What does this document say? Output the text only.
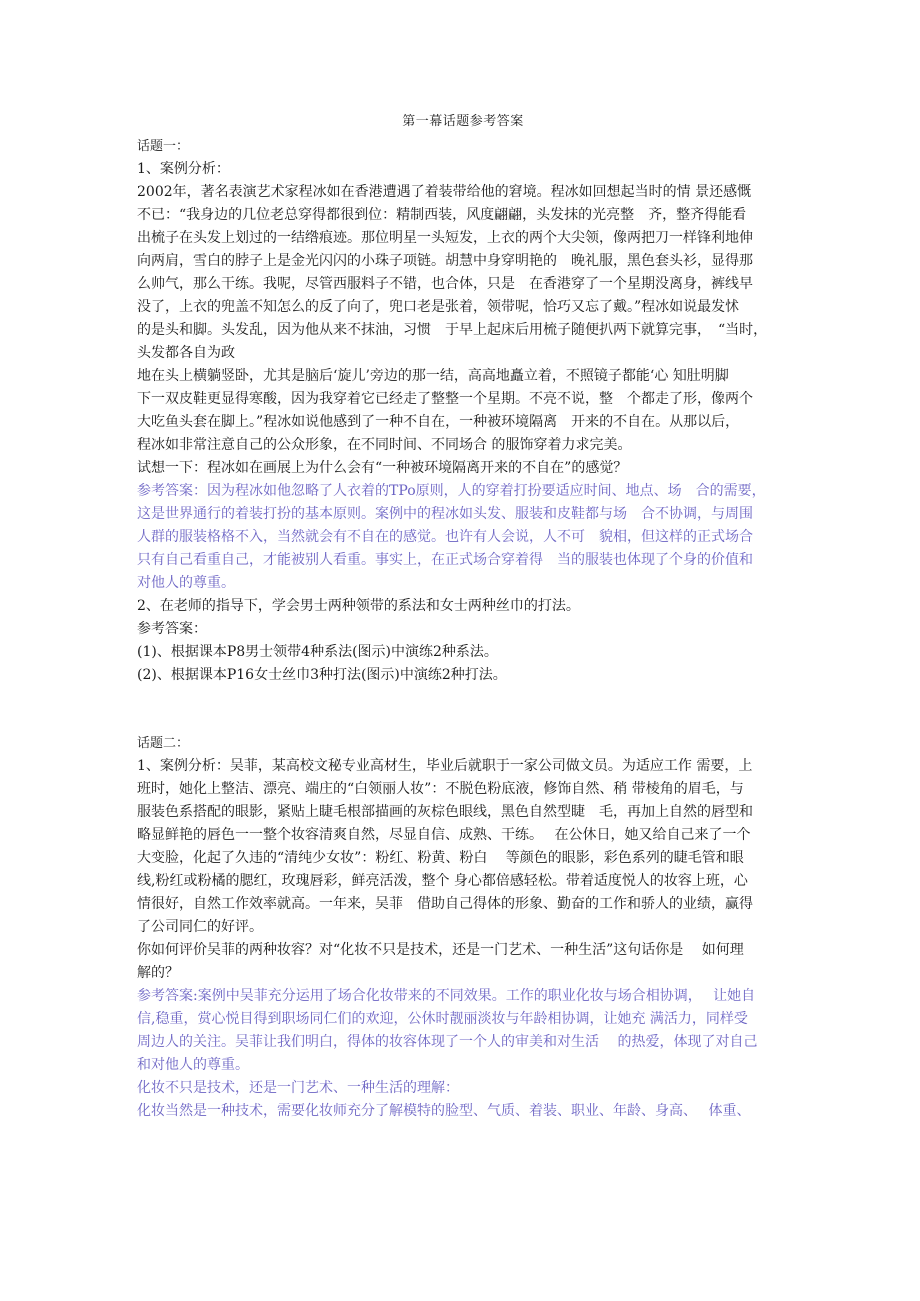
第一幕话题参考答案

话题一：

1、案例分析：

2002年，著名表演艺术家程冰如在香港遭遇了着装带给他的窘境。程冰如回想起当时的情 景还感慨

不已：“我身边的几位老总穿得都很到位：精制西装，风度翩翩，头发抹的光亮整　齐，整齐得能看

出梳子在头发上划过的一结绺痕迹。那位明星一头短发，上衣的两个大尖领，像两把刀一样锋利地伸

向两肩，雪白的脖子上是金光闪闪的小珠子项链。胡慧中身穿明艳的　晚礼服，黑色套头衫，显得那

么帅气，那么干练。我呢，尽管西服料子不错，也合体，只是　在香港穿了一个星期没离身，裤线早

没了，上衣的兜盖不知怎么的反了向了，兜口老是张着，领带呢，恰巧又忘了戴。”程冰如说最发怵

的是头和脚。头发乱，因为他从来不抹油，习惯　于早上起床后用梳子随便扒两下就算完事，　“当时，

头发都各自为政

地在头上横躺竖卧，尤其是脑后‘旋儿’旁边的那一结，高高地矗立着，不照镜子都能‘心 知肚明脚

下一双皮鞋更显得寒酸，因为我穿着它已经走了整整一个星期。不亮不说，整　个都走了形，像两个

大吃鱼头套在脚上。”程冰如说他感到了一种不自在，一种被环境隔离　开来的不自在。从那以后，

程冰如非常注意自己的公众形象，在不同时间、不同场合 的服饰穿着力求完美。

试想一下：程冰如在画展上为什么会有“一种被环境隔离开来的不自在”的感觉？

参考答案：因为程冰如他忽略了人衣着的TPo原则，人的穿着打扮要适应时间、地点、场　合的需要，

这是世界通行的着装打扮的基本原则。案例中的程冰如头发、服装和皮鞋都与场　合不协调，与周围

人群的服装格格不入，当然就会有不自在的感觉。也许有人会说，人不可　貌相，但这样的正式场合

只有自己看重自己，才能被别人看重。事实上，在正式场合穿着得　当的服装也体现了个身的价值和

对他人的尊重。

2、在老师的指导下，学会男士两种领带的系法和女士两种丝巾的打法。

参考答案：

(1)、根据课本P8男士领带4种系法(图示)中演练2种系法。

(2)、根据课本P16女士丝巾3种打法(图示)中演练2种打法。

话题二：

1、案例分析：吴菲，某高校文秘专业高材生，毕业后就职于一家公司做文员。为适应工作 需要，上

班时，她化上整洁、漂亮、端庄的“白领丽人妆”：不脱色粉底液，修饰自然、稍 带棱角的眉毛，与

服装色系搭配的眼影，紧贴上睫毛根部描画的灰棕色眼线，黑色自然型睫　毛，再加上自然的唇型和

略显鲜艳的唇色一一整个妆容清爽自然，尽显自信、成熟、干练。　 在公休日，她又给自己来了一个

大变脸，化起了久违的“清纯少女妆”：粉红、粉黄、粉白　 等颜色的眼影，彩色系列的睫毛管和眼

线,粉红或粉橘的腮红，玫瑰唇彩，鲜亮活泼，整个 身心都倍感轻松。带着适度悦人的妆容上班，心

情很好，自然工作效率就高。一年来，吴菲　借助自己得体的形象、勤奋的工作和骄人的业绩，赢得

了公司同仁的好评。

你如何评价吴菲的两种妆容？对“化妆不只是技术，还是一门艺术、一种生活”这句话你是　 如何理

解的？

参考答案:案例中吴菲充分运用了场合化妆带来的不同效果。工作的职业化妆与场合相协调，　 让她自

信,稳重，赏心悦目得到职场同仁们的欢迎，公休时靓丽淡妆与年龄相协调，让她充 满活力，同样受

周边人的关注。吴菲让我们明白，得体的妆容体现了一个人的审美和对生活　 的热爱，体现了对自己

和对他人的尊重。

化妆不只是技术，还是一门艺术、一种生活的理解：

化妆当然是一种技术，需要化妆师充分了解模特的脸型、气质、着装、职业、年龄、身高、　 体重、
